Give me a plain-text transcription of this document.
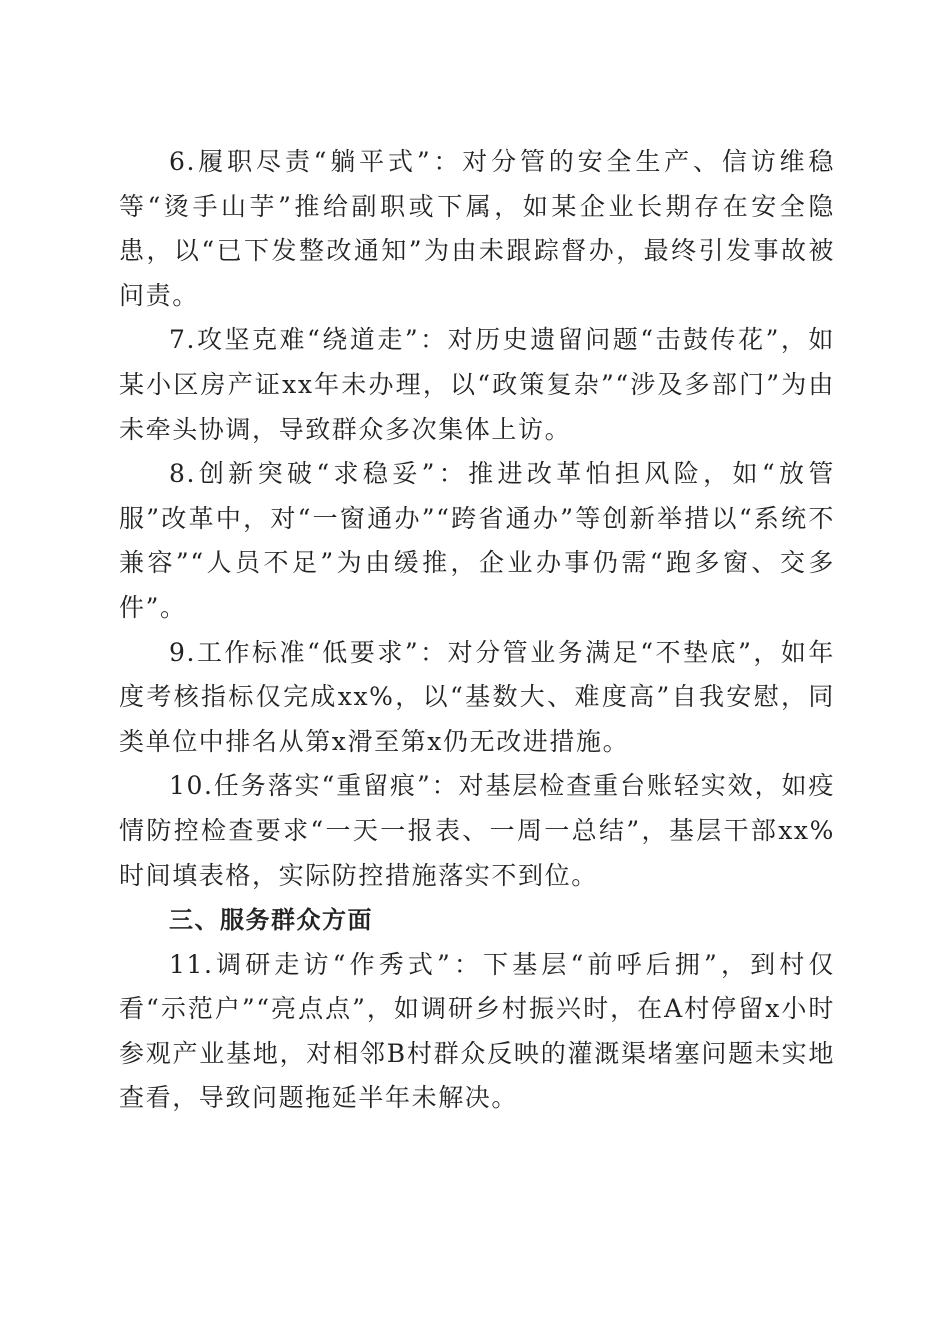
6.履职尽责“躺平式”：对分管的安全生产、信访维稳等“烫手山芋”推给副职或下属，如某企业长期存在安全隐患，以“已下发整改通知”为由未跟踪督办，最终引发事故被问责。

7.攻坚克难“绕道走”：对历史遗留问题“击鼓传花”，如某小区房产证xx年未办理，以“政策复杂”“涉及多部门”为由未牵头协调，导致群众多次集体上访。

8.创新突破“求稳妥”：推进改革怕担风险，如“放管服”改革中，对“一窗通办”“跨省通办”等创新举措以“系统不兼容”“人员不足”为由缓推，企业办事仍需“跑多窗、交多件”。

9.工作标准“低要求”：对分管业务满足“不垫底”，如年度考核指标仅完成xx%，以“基数大、难度高”自我安慰，同类单位中排名从第x滑至第x仍无改进措施。

10.任务落实“重留痕”：对基层检查重台账轻实效，如疫情防控检查要求“一天一报表、一周一总结”，基层干部xx%时间填表格，实际防控措施落实不到位。

三、服务群众方面

11.调研走访“作秀式”：下基层“前呼后拥”，到村仅看“示范户”“亮点点”，如调研乡村振兴时，在A村停留x小时参观产业基地，对相邻B村群众反映的灌溉渠堵塞问题未实地查看，导致问题拖延半年未解决。
